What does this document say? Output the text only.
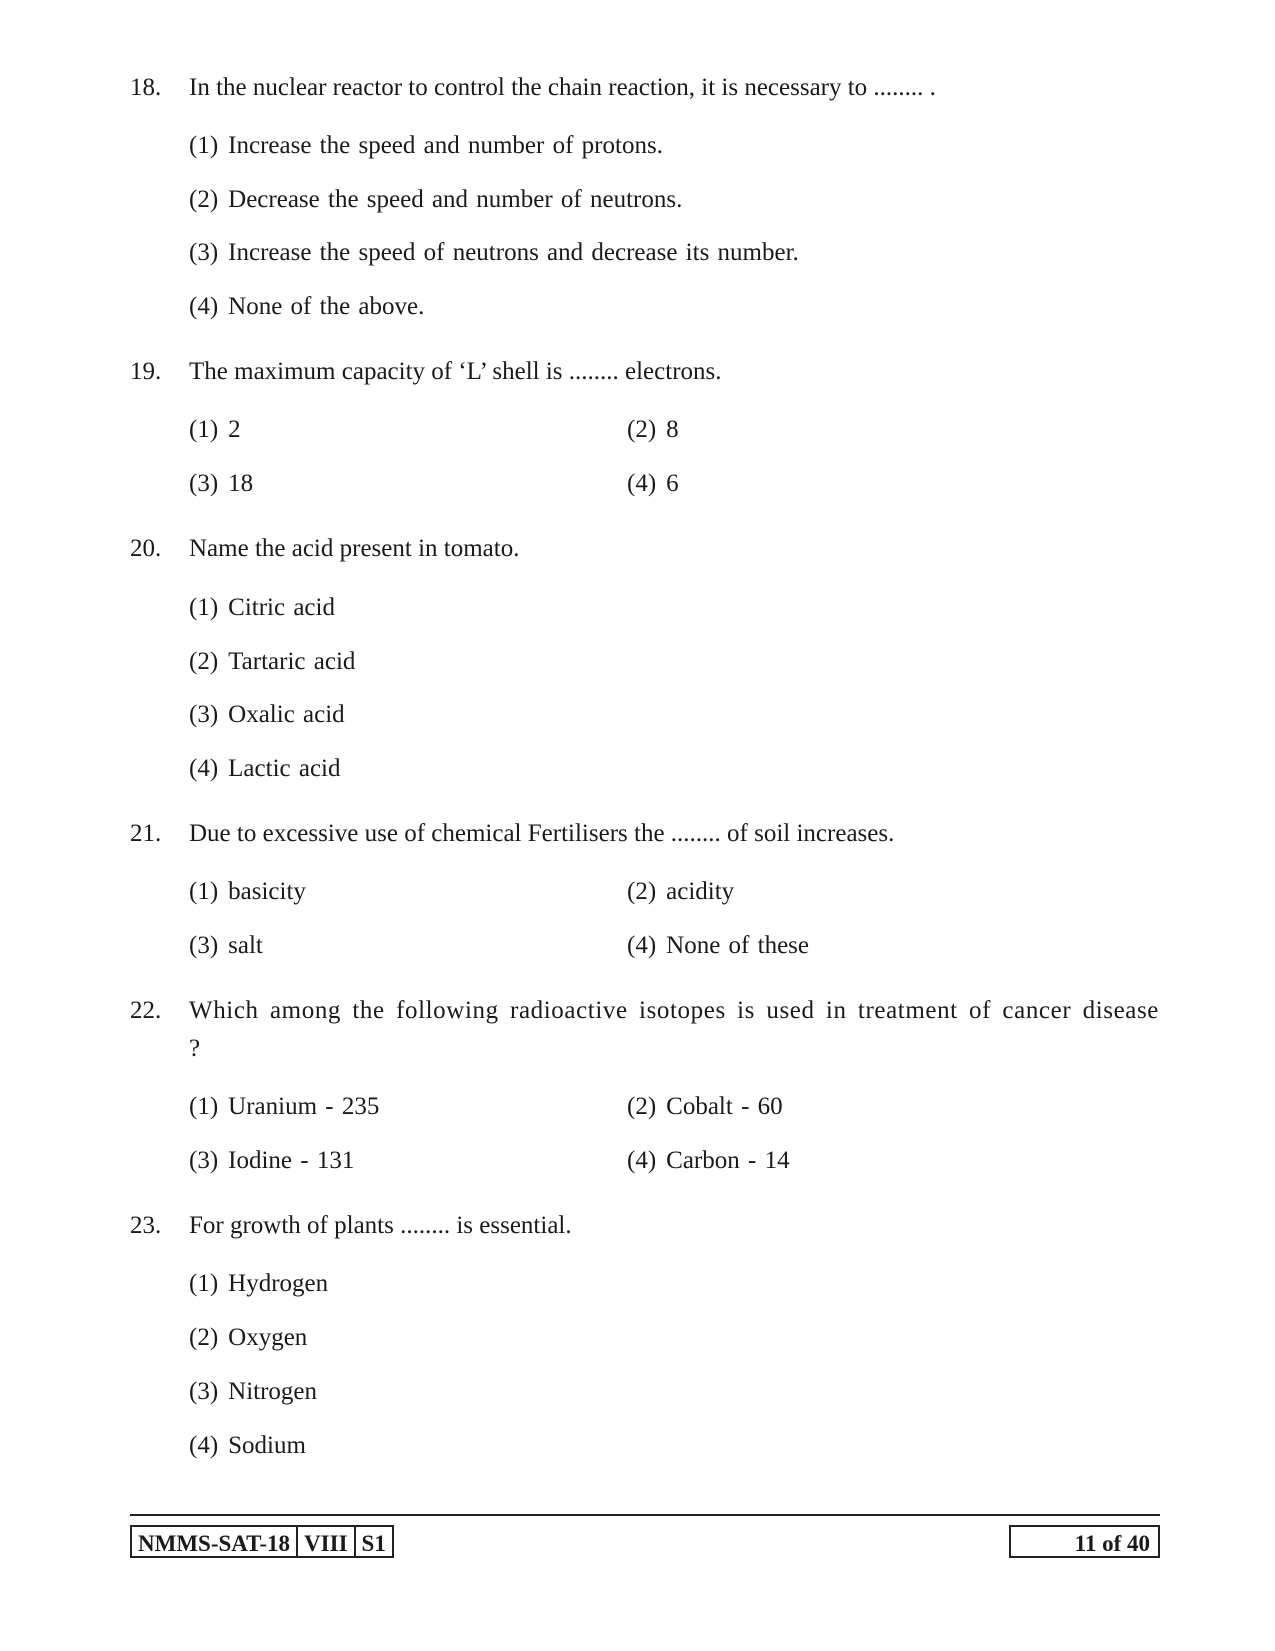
18. In the nuclear reactor to control the chain reaction, it is necessary to ........ .
(1) Increase the speed and number of protons.
(2) Decrease the speed and number of neutrons.
(3) Increase the speed of neutrons and decrease its number.
(4) None of the above.
19. The maximum capacity of ‘L’ shell is ........ electrons.
(1) 2	(2) 8
(3) 18	(4) 6
20. Name the acid present in tomato.
(1) Citric acid
(2) Tartaric acid
(3) Oxalic acid
(4) Lactic acid
21. Due to excessive use of chemical Fertilisers the ........ of soil increases.
(1) basicity	(2) acidity
(3) salt	(4) None of these
22. Which among the following radioactive isotopes is used in treatment of cancer disease ?
(1) Uranium - 235	(2) Cobalt - 60
(3) Iodine - 131	(4) Carbon - 14
23. For growth of plants ........ is essential.
(1) Hydrogen
(2) Oxygen
(3) Nitrogen
(4) Sodium
NMMS-SAT-18 VIII S1	11 of 40
